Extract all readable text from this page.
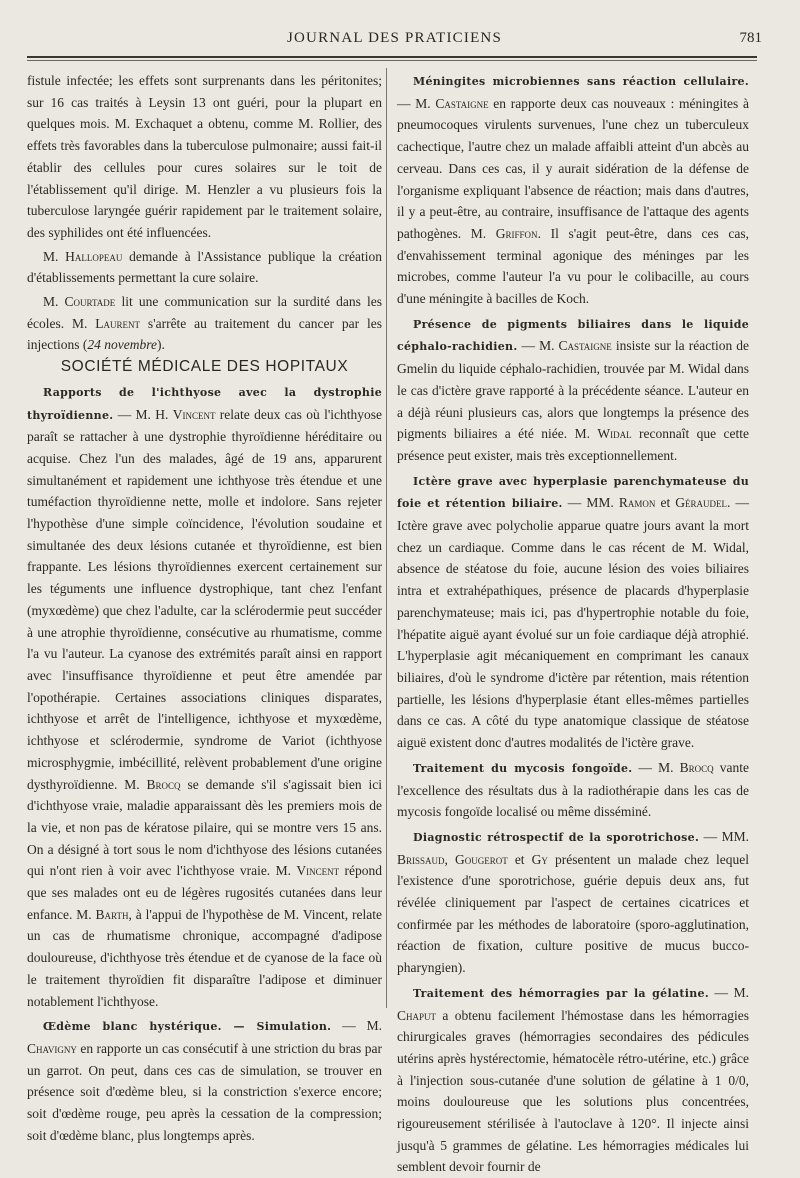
JOURNAL DES PRATICIENS	781

fistule infectée; les effets sont surprenants dans les péritonites; sur 16 cas traités à Leysin 13 ont guéri, pour la plupart en quelques mois. M. Exchaquet a obtenu, comme M. Rollier, des effets très favorables dans la tuberculose pulmonaire; aussi fait-il établir des cellules pour cures solaires sur le toit de l'établissement qu'il dirige. M. Henzler a vu plusieurs fois la tuberculose laryngée guérir rapidement par le traitement solaire, des syphilides ont été influencées.

M. Hallopeau demande à l'Assistance publique la création d'établissements permettant la cure solaire.

M. Courtade lit une communication sur la surdité dans les écoles. M. Laurent s'arrête au traitement du cancer par les injections (24 novembre).

SOCIÉTÉ MÉDICALE DES HOPITAUX

Rapports de l'ichthyose avec la dystrophie thyroïdienne. — M. H. Vincent relate deux cas où l'ichthyose paraît se rattacher à une dystrophie thyroïdienne héréditaire ou acquise. Chez l'un des malades, âgé de 19 ans, apparurent simultanément et rapidement une ichthyose très étendue et une tuméfaction thyroïdienne nette, molle et indolore. Sans rejeter l'hypothèse d'une simple coïncidence, l'évolution soudaine et simultanée des deux lésions cutanée et thyroïdienne, est bien frappante. Les lésions thyroïdiennes exercent certainement sur les téguments une influence dystrophique, tant chez l'enfant (myxœdème) que chez l'adulte, car la sclérodermie peut succéder à une atrophie thyroïdienne, consécutive au rhumatisme, comme l'a vu l'auteur. La cyanose des extrémités paraît ainsi en rapport avec l'insuffisance thyroïdienne et peut être amendée par l'opothérapie. Certaines associations cliniques disparates, ichthyose et arrêt de l'intelligence, ichthyose et myxœdème, ichthyose et sclérodermie, syndrome de Variot (ichthyose microsphygmie, imbécillité, relèvent probablement d'une origine dysthyroïdienne. M. Brocq se demande s'il s'agissait bien ici d'ichthyose vraie, maladie apparaissant dès les premiers mois de la vie, et non pas de kératose pilaire, qui se montre vers 15 ans. On a désigné à tort sous le nom d'ichthyose des lésions cutanées qui n'ont rien à voir avec l'ichthyose vraie. M. Vincent répond que ses malades ont eu de légères rugosités cutanées dans leur enfance. M. Barth, à l'appui de l'hypothèse de M. Vincent, relate un cas de rhumatisme chronique, accompagné d'adipose douloureuse, d'ichthyose très étendue et de cyanose de la face où le traitement thyroïdien fit disparaître l'adipose et diminuer notablement l'ichthyose.

Œdème blanc hystérique. — Simulation. — M. Chavigny en rapporte un cas consécutif à une striction du bras par un garrot. On peut, dans ces cas de simulation, se trouver en présence soit d'œdème bleu, si la constriction s'exerce encore; soit d'œdème rouge, peu après la cessation de la compression; soit d'œdème blanc, plus longtemps après.

Méningites microbiennes sans réaction cellulaire. — M. Castaigne en rapporte deux cas nouveaux : méningites à pneumocoques virulents survenues, l'une chez un tuberculeux cachectique, l'autre chez un malade affaibli atteint d'un abcès au cerveau. Dans ces cas, il y aurait sidération de la défense de l'organisme expliquant l'absence de réaction; mais dans d'autres, il y a peut-être, au contraire, insuffisance de l'attaque des agents pathogènes. M. Griffon. Il s'agit peut-être, dans ces cas, d'envahissement terminal agonique des méninges par les microbes, comme l'auteur l'a vu pour le colibacille, au cours d'une méningite à bacilles de Koch.

Présence de pigments biliaires dans le liquide céphalo-rachidien. — M. Castaigne insiste sur la réaction de Gmelin du liquide céphalo-rachidien, trouvée par M. Widal dans le cas d'ictère grave rapporté à la précédente séance. L'auteur en a déjà réuni plusieurs cas, alors que longtemps la présence des pigments biliaires a été niée. M. Widal reconnaît que cette présence peut exister, mais très exceptionnellement.

Ictère grave avec hyperplasie parenchymateuse du foie et rétention biliaire. — MM. Ramon et Géraudel. — Ictère grave avec polycholie apparue quatre jours avant la mort chez un cardiaque. Comme dans le cas récent de M. Widal, absence de stéatose du foie, aucune lésion des voies biliaires intra et extrahépathiques, présence de placards d'hyperplasie parenchymateuse; mais ici, pas d'hypertrophie notable du foie, l'hépatite aiguë ayant évolué sur un foie cardiaque déjà atrophié. L'hyperplasie agit mécaniquement en comprimant les canaux biliaires, d'où le syndrome d'ictère par rétention, mais rétention partielle, les lésions d'hyperplasie étant elles-mêmes partielles dans ce cas. A côté du type anatomique classique de stéatose aiguë existent donc d'autres modalités de l'ictère grave.

Traitement du mycosis fongoïde. — M. Brocq vante l'excellence des résultats dus à la radiothérapie dans les cas de mycosis fongoïde localisé ou même disséminé.

Diagnostic rétrospectif de la sporotrichose. — MM. Brissaud, Gougerot et Gy présentent un malade chez lequel l'existence d'une sporotrichose, guérie depuis deux ans, fut révélée cliniquement par l'aspect de certaines cicatrices et confirmée par les méthodes de laboratoire (sporo-agglutination, réaction de fixation, culture positive de mucus bucco-pharyngien).

Traitement des hémorragies par la gélatine. — M. Chaput a obtenu facilement l'hémostase dans les hémorragies chirurgicales graves (hémorragies secondaires des pédicules utérins après hystérectomie, hématocèle rétro-utérine, etc.) grâce à l'injection sous-cutanée d'une solution de gélatine à 1 0/0, moins douloureuse que les solutions plus concentrées, rigoureusement stérilisée à l'autoclave à 120°. Il injecte ainsi jusqu'à 5 grammes de gélatine. Les hémorragies médicales lui semblent devoir fournir de
